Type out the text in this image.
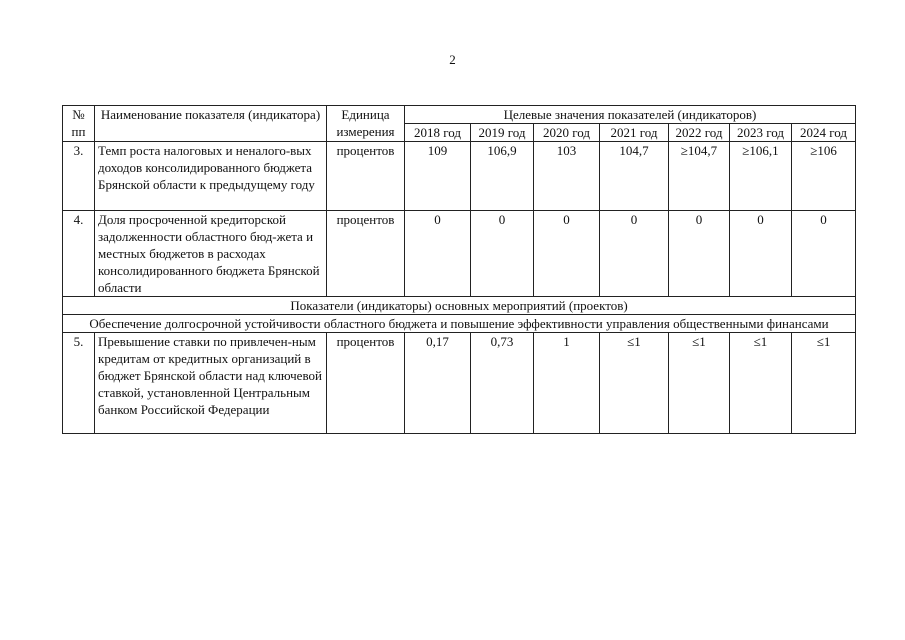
2
№ пп	Наименование показателя (индикатора)	Единица измерения	Целевые значения показателей (индикаторов)						
			2018 год	2019 год	2020 год	2021 год	2022 год	2023 год	2024 год
3.	Темп роста налоговых и неналого-вых доходов консолидированного бюджета Брянской области к предыдущему году	процентов	109	106,9	103	104,7	≥104,7	≥106,1	≥106
4.	Доля просроченной кредиторской задолженности областного бюд-жета и местных бюджетов в расходах консолидированного бюджета Брянской области	процентов	0	0	0	0	0	0	0
Показатели (индикаторы) основных мероприятий (проектов)									
Обеспечение долгосрочной устойчивости областного бюджета и повышение эффективности управления общественными финансами									
5.	Превышение ставки по привлечен-ным кредитам от кредитных организаций в бюджет Брянской области над ключевой ставкой, установленной Центральным банком Российской Федерации	процентов	0,17	0,73	1	≤1	≤1	≤1	≤1
